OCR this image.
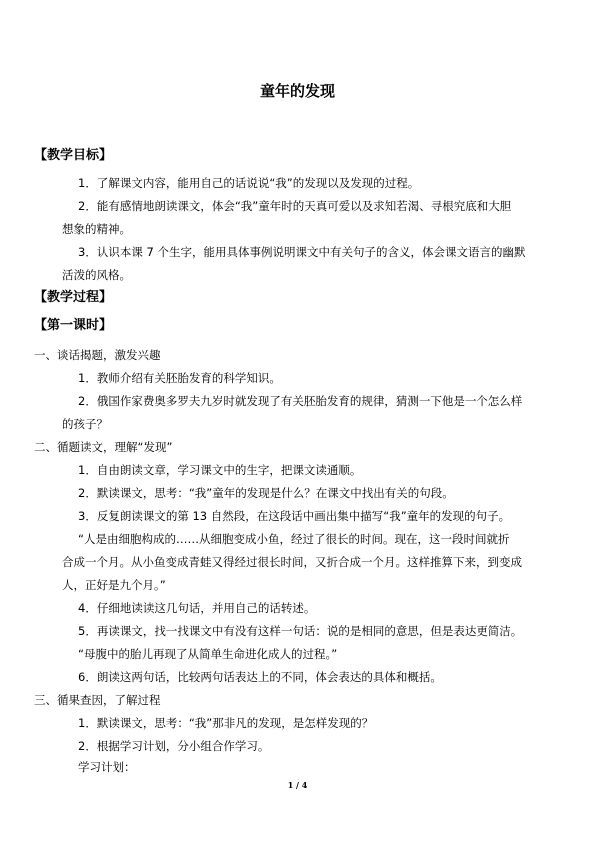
童年的发现
【教学目标】
1．了解课文内容，能用自己的话说说“我”的发现以及发现的过程。
2．能有感情地朗读课文，体会“我”童年时的天真可爱以及求知若渴、寻根究底和大胆
想象的精神。
3．认识本课 7 个生字，能用具体事例说明课文中有关句子的含义，体会课文语言的幽默
活泼的风格。
【教学过程】
【第一课时】
一、谈话揭题，激发兴趣
1．教师介绍有关胚胎发育的科学知识。
2．俄国作家费奥多罗夫九岁时就发现了有关胚胎发育的规律，猜测一下他是一个怎么样
的孩子？
二、循题读文，理解“发现”
1．自由朗读文章，学习课文中的生字，把课文读通顺。
2．默读课文，思考：“我”童年的发现是什么？在课文中找出有关的句段。
3．反复朗读课文的第 13 自然段，在这段话中画出集中描写“我”童年的发现的句子。
“人是由细胞构成的……从细胞变成小鱼，经过了很长的时间。现在，这一段时间就折
合成一个月。从小鱼变成青蛙又得经过很长时间，又折合成一个月。这样推算下来，到变成
人，正好是九个月。”
4．仔细地读读这几句话，并用自己的话转述。
5．再读课文，找一找课文中有没有这样一句话：说的是相同的意思，但是表达更简洁。
“母腹中的胎儿再现了从简单生命进化成人的过程。”
6．朗读这两句话，比较两句话表达上的不同，体会表达的具体和概括。
三、循果查因，了解过程
1．默读课文，思考：“我”那非凡的发现，是怎样发现的？
2．根据学习计划，分小组合作学习。
学习计划：
1 / 4
